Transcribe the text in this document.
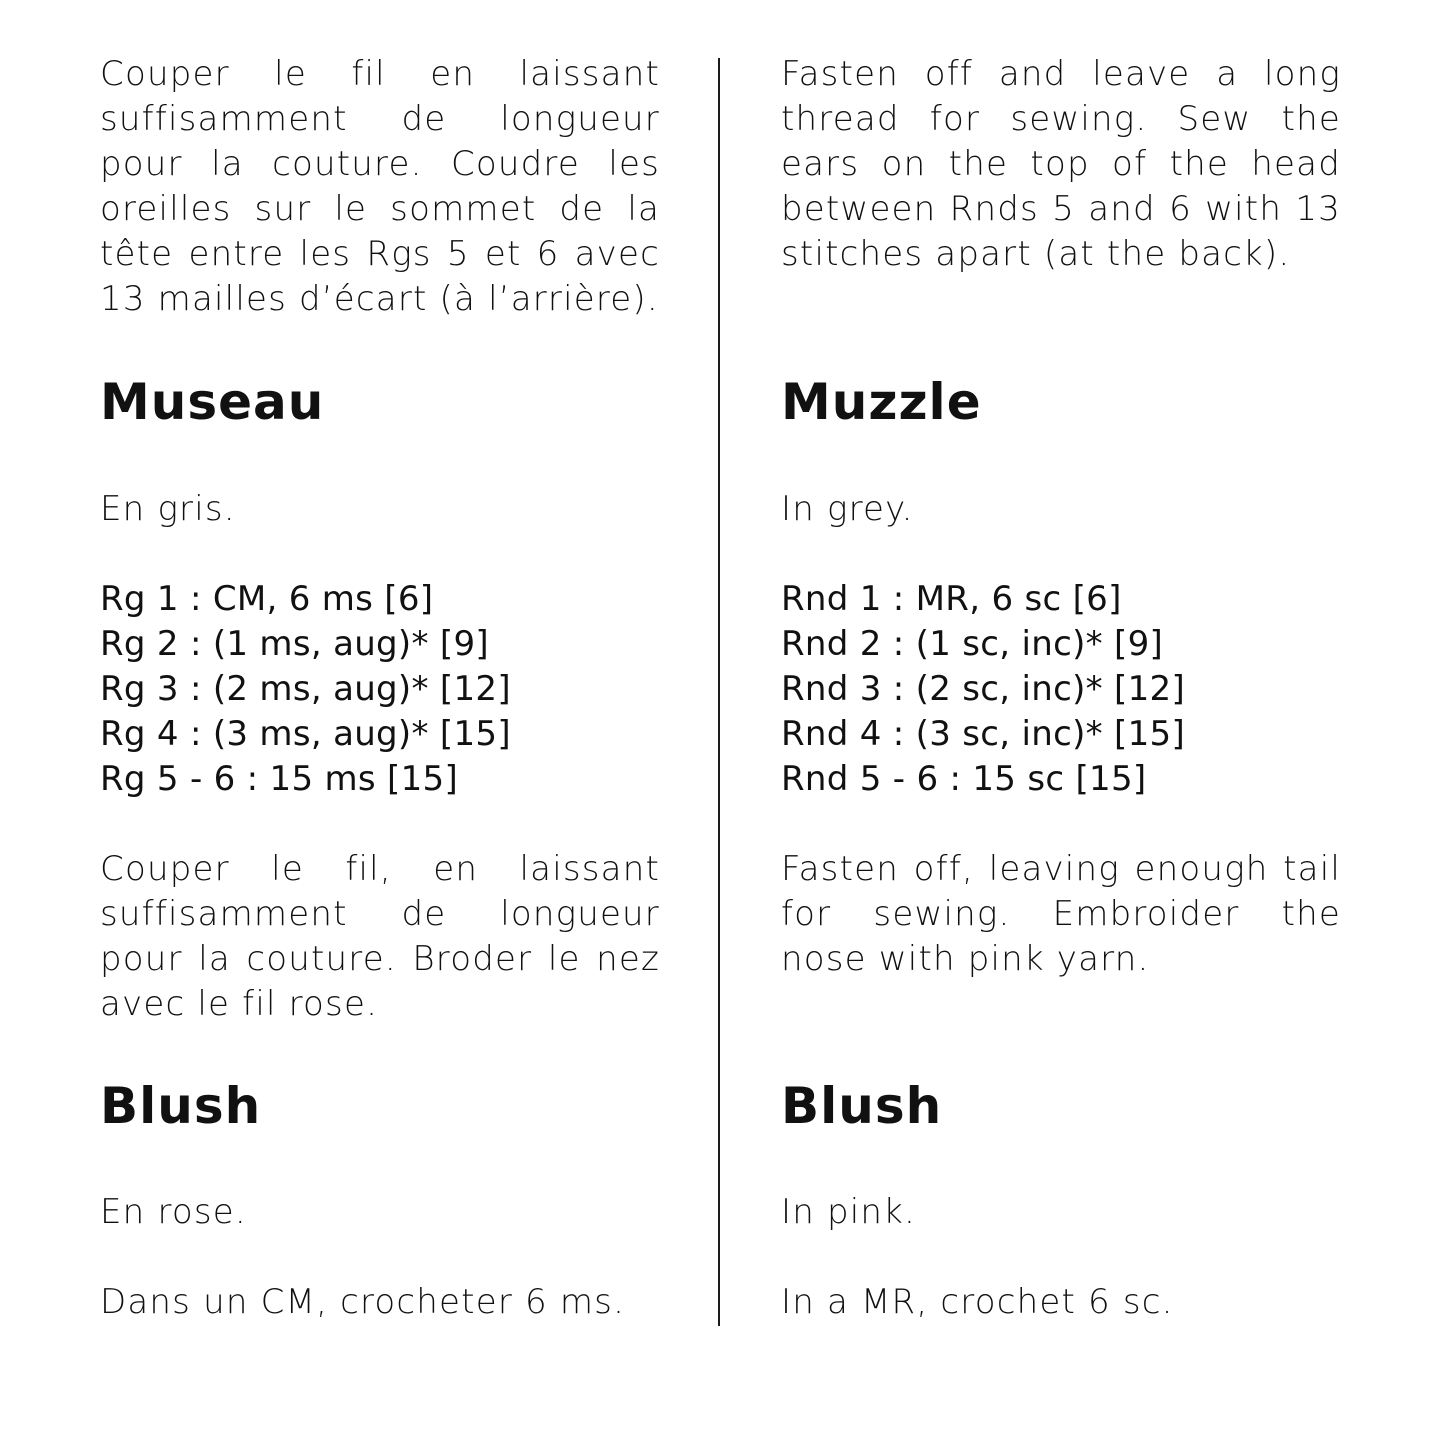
Couper le fil en laissant suffisamment de longueur pour la couture. Coudre les oreilles sur le sommet de la tête entre les Rgs 5 et 6 avec 13 mailles d’écart (à l’arrière).

Museau

En gris.

Rg 1 : CM, 6 ms [6]
Rg 2 : (1 ms, aug)* [9]
Rg 3 : (2 ms, aug)* [12]
Rg 4 : (3 ms, aug)* [15]
Rg 5 - 6 : 15 ms [15]

Couper le fil, en laissant suffisamment de longueur pour la couture. Broder le nez avec le fil rose.

Blush

En rose.

Dans un CM, crocheter 6 ms.

Fasten off and leave a long thread for sewing. Sew the ears on the top of the head between Rnds 5 and 6 with 13 stitches apart (at the back).

Muzzle

In grey.

Rnd 1 : MR, 6 sc [6]
Rnd 2 : (1 sc, inc)* [9]
Rnd 3 : (2 sc, inc)* [12]
Rnd 4 : (3 sc, inc)* [15]
Rnd 5 - 6 : 15 sc [15]

Fasten off, leaving enough tail for sewing. Embroider the nose with pink yarn.

Blush

In pink.

In a MR, crochet 6 sc.
